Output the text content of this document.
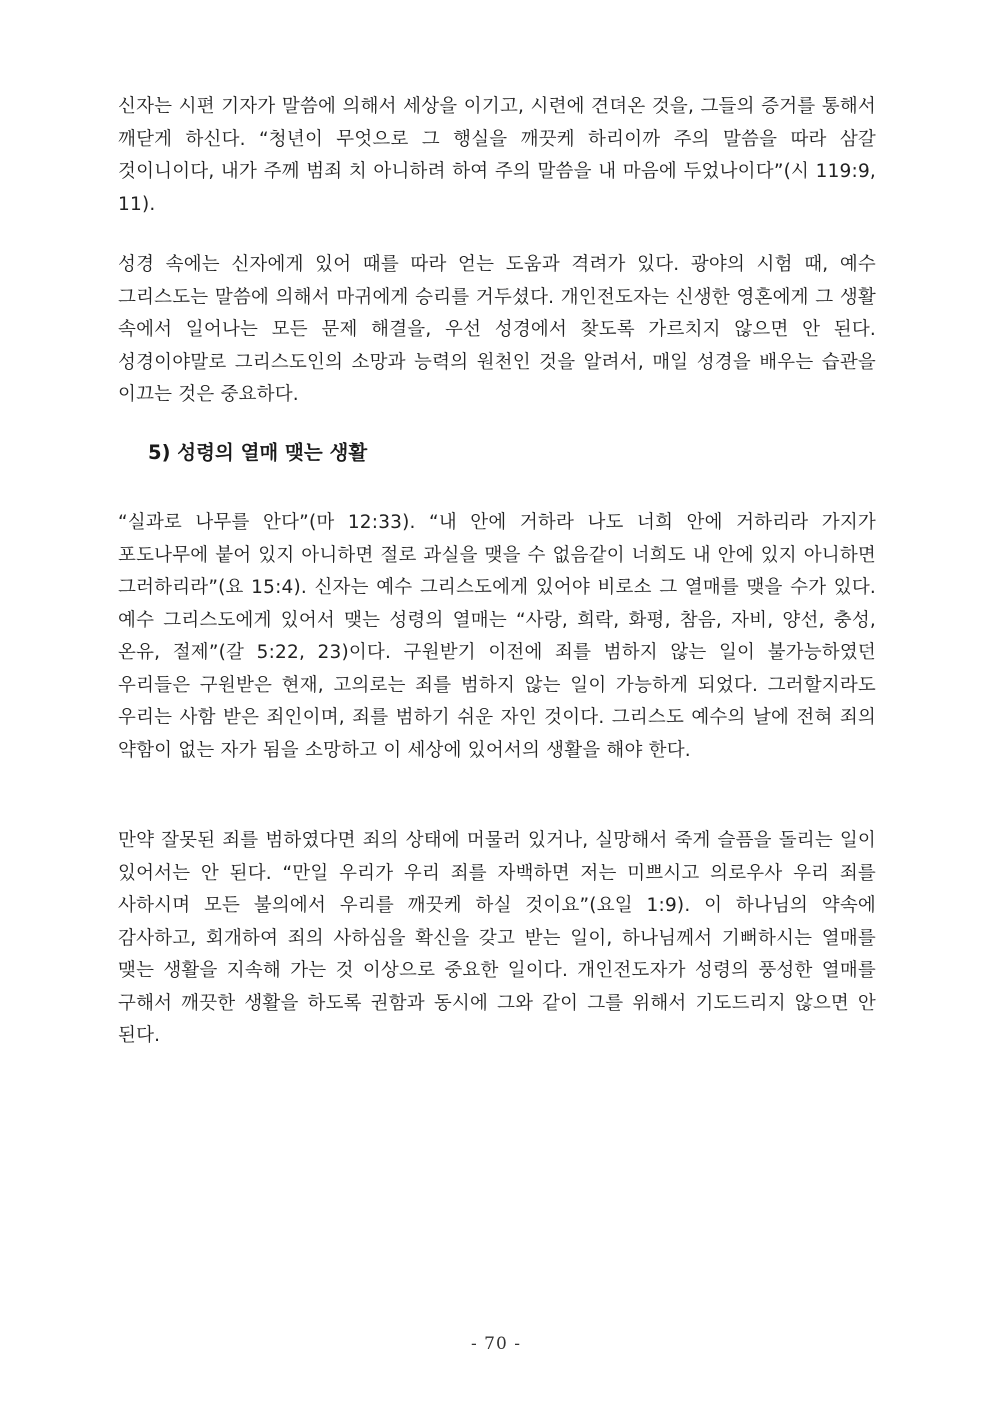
신자는 시편 기자가 말씀에 의해서 세상을 이기고, 시련에 견뎌온 것을, 그들의 증거를 통해서 깨닫게 하신다. “청년이 무엇으로 그 행실을 깨끗케 하리이까 주의 말씀을 따라 삼갈 것이니이다, 내가 주께 범죄 치 아니하려 하여 주의 말씀을 내 마음에 두었나이다”(시 119:9, 11).

성경 속에는 신자에게 있어 때를 따라 얻는 도움과 격려가 있다. 광야의 시험 때, 예수 그리스도는 말씀에 의해서 마귀에게 승리를 거두셨다. 개인전도자는 신생한 영혼에게 그 생활 속에서 일어나는 모든 문제 해결을, 우선 성경에서 찾도록 가르치지 않으면 안 된다. 성경이야말로 그리스도인의 소망과 능력의 원천인 것을 알려서, 매일 성경을 배우는 습관을 이끄는 것은 중요하다.

5) 성령의 열매 맺는 생활

“실과로 나무를 안다”(마 12:33). “내 안에 거하라 나도 너희 안에 거하리라 가지가 포도나무에 붙어 있지 아니하면 절로 과실을 맺을 수 없음같이 너희도 내 안에 있지 아니하면 그러하리라”(요 15:4). 신자는 예수 그리스도에게 있어야 비로소 그 열매를 맺을 수가 있다. 예수 그리스도에게 있어서 맺는 성령의 열매는 “사랑, 희락, 화평, 참음, 자비, 양선, 충성, 온유, 절제”(갈 5:22, 23)이다. 구원받기 이전에 죄를 범하지 않는 일이 불가능하였던 우리들은 구원받은 현재, 고의로는 죄를 범하지 않는 일이 가능하게 되었다. 그러할지라도 우리는 사함 받은 죄인이며, 죄를 범하기 쉬운 자인 것이다. 그리스도 예수의 날에 전혀 죄의 약함이 없는 자가 됨을 소망하고 이 세상에 있어서의 생활을 해야 한다.

만약 잘못된 죄를 범하였다면 죄의 상태에 머물러 있거나, 실망해서 죽게 슬픔을 돌리는 일이 있어서는 안 된다. “만일 우리가 우리 죄를 자백하면 저는 미쁘시고 의로우사 우리 죄를 사하시며 모든 불의에서 우리를 깨끗케 하실 것이요”(요일 1:9). 이 하나님의 약속에 감사하고, 회개하여 죄의 사하심을 확신을 갖고 받는 일이, 하나님께서 기뻐하시는 열매를 맺는 생활을 지속해 가는 것 이상으로 중요한 일이다. 개인전도자가 성령의 풍성한 열매를 구해서 깨끗한 생활을 하도록 권함과 동시에 그와 같이 그를 위해서 기도드리지 않으면 안 된다.

- 70 -
